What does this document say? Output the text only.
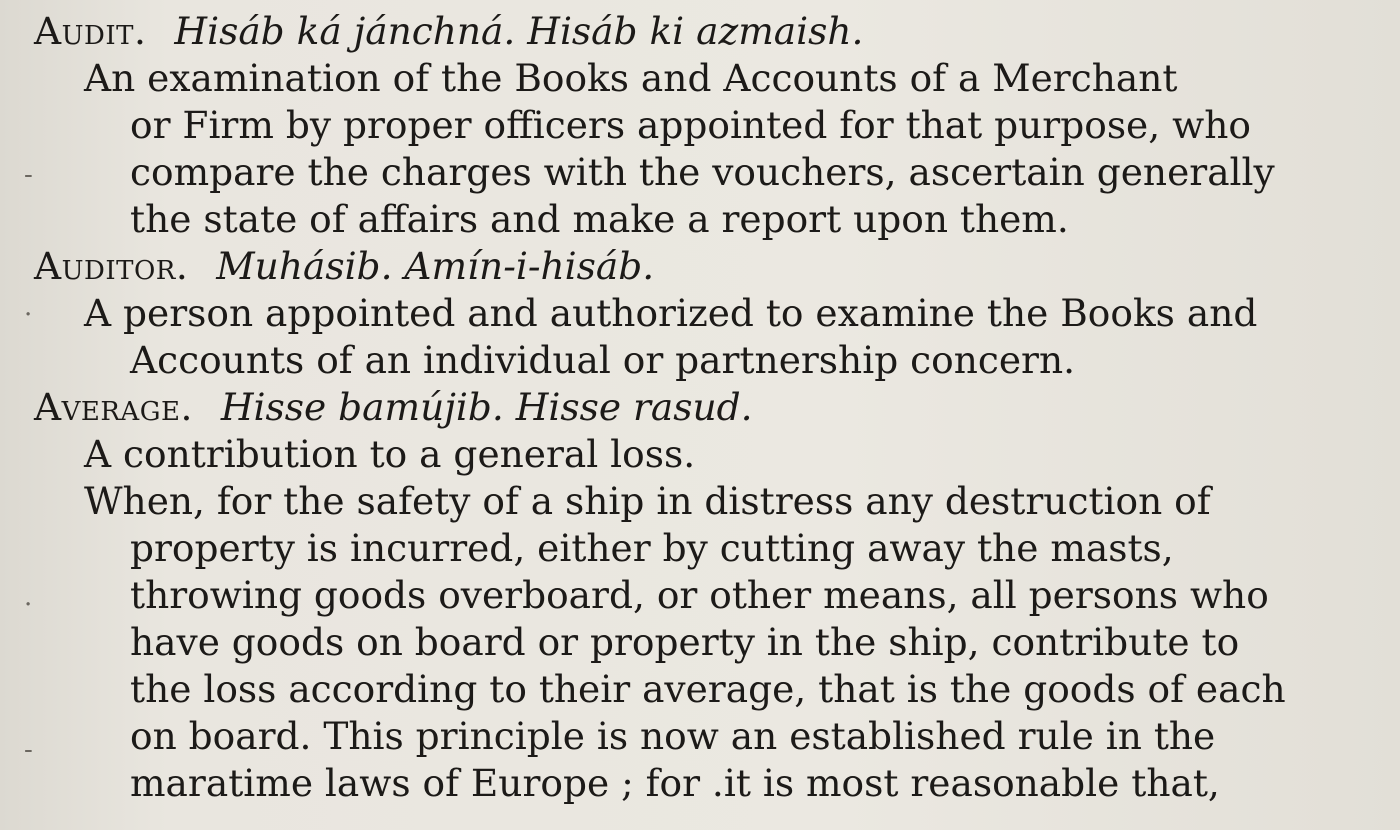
-
·
·
-
Audit. Hisáb ká jánchná. Hisáb ki azmaish.
An examination of the Books and Accounts of a Merchant
or Firm by proper officers appointed for that purpose, who
compare the charges with the vouchers, ascertain generally
the state of affairs and make a report upon them.
Auditor. Muhásib. Amín-i-hisáb.
A person appointed and authorized to examine the Books and
Accounts of an individual or partnership concern.
Average. Hisse bamújib. Hisse rasud.
A contribution to a general loss.
When, for the safety of a ship in distress any destruction of
property is incurred, either by cutting away the masts,
throwing goods overboard, or other means, all persons who
have goods on board or property in the ship, contribute to
the loss according to their average, that is the goods of each
on board. This principle is now an established rule in the
maratime laws of Europe ; for .it is most reasonable that,
